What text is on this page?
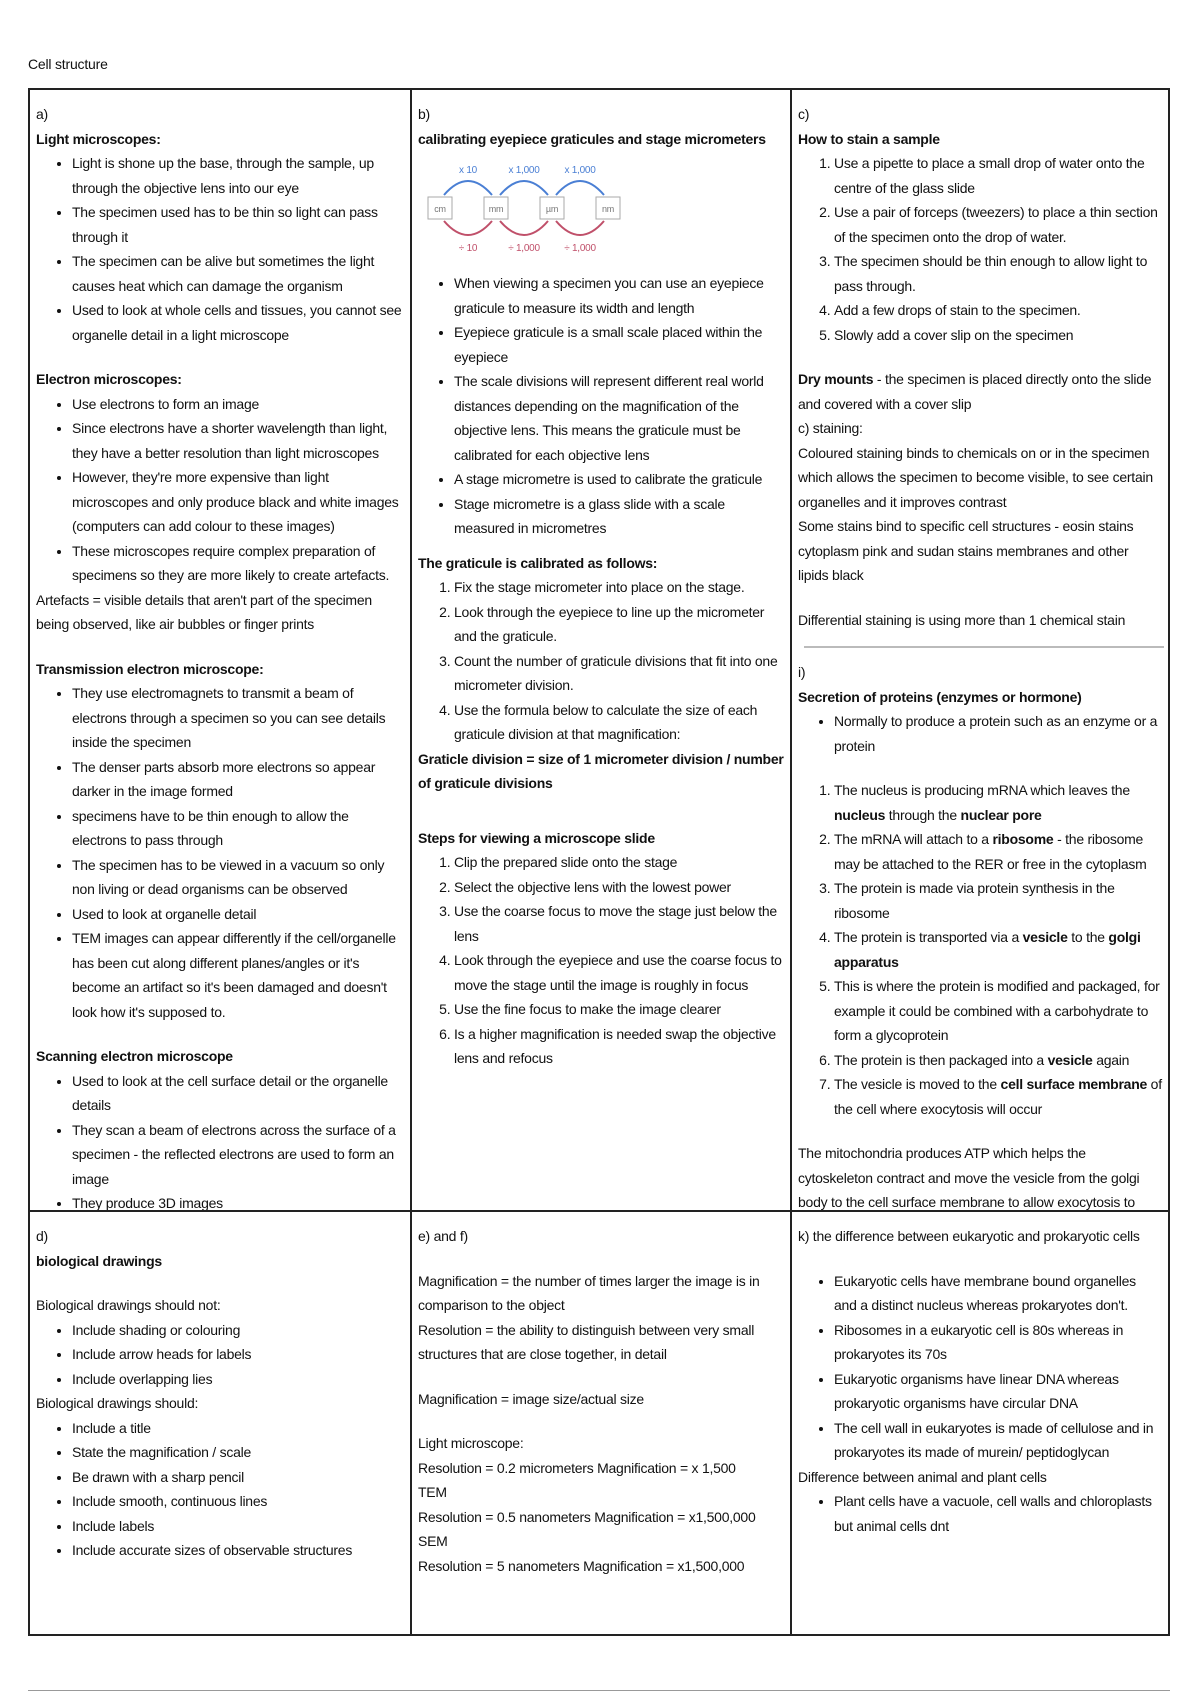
Cell structure

a)

Light microscopes:

• Light is shone up the base, through the sample, up through the objective lens into our eye
• The specimen used has to be thin so light can pass through it
• The specimen can be alive but sometimes the light causes heat which can damage the organism
• Used to look at whole cells and tissues, you cannot see organelle detail in a light microscope

Electron microscopes:

• Use electrons to form an image
• Since electrons have a shorter wavelength than light, they have a better resolution than light microscopes
• However, they're more expensive than light microscopes and only produce black and white images (computers can add colour to these images)
• These microscopes require complex preparation of specimens so they are more likely to create artefacts.

Artefacts = visible details that aren't part of the specimen being observed, like air bubbles or finger prints

Transmission electron microscope:

• They use electromagnets to transmit a beam of electrons through a specimen so you can see details inside the specimen
• The denser parts absorb more electrons so appear darker in the image formed
• specimens have to be thin enough to allow the electrons to pass through
• The specimen has to be viewed in a vacuum so only non living or dead organisms can be observed
• Used to look at organelle detail
• TEM images can appear differently if the cell/organelle has been cut along different planes/angles or it's become an artifact so it's been damaged and doesn't look how it's supposed to.

Scanning electron microscope

• Used to look at the cell surface detail or the organelle details
• They scan a beam of electrons across the surface of a specimen - the reflected electrons are used to form an image
• They produce 3D images

b)

calibrating eyepiece graticules and stage micrometers

cm	mm	µm	nm
x 10
÷ 10
x 1,000
÷ 1,000
x 1,000
÷ 1,000
• When viewing a specimen you can use an eyepiece graticule to measure its width and length
• Eyepiece graticule is a small scale placed within the eyepiece
• The scale divisions will represent different real world distances depending on the magnification of the objective lens. This means the graticule must be calibrated for each objective lens
• A stage micrometre is used to calibrate the graticule
• Stage micrometre is a glass slide with a scale measured in micrometres

The graticule is calibrated as follows:

1. Fix the stage micrometer into place on the stage.
2. Look through the eyepiece to line up the micrometer and the graticule.
3. Count the number of graticule divisions that fit into one micrometer division.
4. Use the formula below to calculate the size of each graticule division at that magnification:

Graticle division = size of 1 micrometer division / number of graticule divisions

Steps for viewing a microscope slide

1. Clip the prepared slide onto the stage
2. Select the objective lens with the lowest power
3. Use the coarse focus to move the stage just below the lens
4. Look through the eyepiece and use the coarse focus to move the stage until the image is roughly in focus
5. Use the fine focus to make the image clearer
6. Is a higher magnification is needed swap the objective lens and refocus

c)

How to stain a sample

1. Use a pipette to place a small drop of water onto the centre of the glass slide
2. Use a pair of forceps (tweezers) to place a thin section of the specimen onto the drop of water.
3. The specimen should be thin enough to allow light to pass through.
4. Add a few drops of stain to the specimen.
5. Slowly add a cover slip on the specimen

Dry mounts - the specimen is placed directly onto the slide and covered with a cover slip

c) staining:

Coloured staining binds to chemicals on or in the specimen which allows the specimen to become visible, to see certain organelles and it improves contrast

Some stains bind to specific cell structures - eosin stains cytoplasm pink and sudan stains membranes and other lipids black

Differential staining is using more than 1 chemical stain

i)

Secretion of proteins (enzymes or hormone)

• Normally to produce a protein such as an enzyme or a protein
1. The nucleus is producing mRNA which leaves the nucleus through the nuclear pore
2. The mRNA will attach to a ribosome - the ribosome may be attached to the RER or free in the cytoplasm
3. The protein is made via protein synthesis in the ribosome
4. The protein is transported via a vesicle to the golgi apparatus
5. This is where the protein is modified and packaged, for example it could be combined with a carbohydrate to form a glycoprotein
6. The protein is then packaged into a vesicle again
7. The vesicle is moved to the cell surface membrane of the cell where exocytosis will occur

The mitochondria produces ATP which helps the cytoskeleton contract and move the vesicle from the golgi body to the cell surface membrane to allow exocytosis to

d)

biological drawings

Biological drawings should not:

• Include shading or colouring
• Include arrow heads for labels
• Include overlapping lies

Biological drawings should:

• Include a title
• State the magnification / scale
• Be drawn with a sharp pencil
• Include smooth, continuous lines
• Include labels
• Include accurate sizes of observable structures

e) and f)

Magnification = the number of times larger the image is in comparison to the object

Resolution = the ability to distinguish between very small structures that are close together, in detail

Magnification = image size/actual size

Light microscope:

Resolution = 0.2 micrometers Magnification = x 1,500

TEM

Resolution = 0.5 nanometers Magnification = x1,500,000

SEM

Resolution = 5 nanometers Magnification = x1,500,000

k) the difference between eukaryotic and prokaryotic cells

• Eukaryotic cells have membrane bound organelles and a distinct nucleus whereas prokaryotes don't.
• Ribosomes in a eukaryotic cell is 80s whereas in prokaryotes its 70s
• Eukaryotic organisms have linear DNA whereas prokaryotic organisms have circular DNA
• The cell wall in eukaryotes is made of cellulose and in prokaryotes its made of murein/ peptidoglycan

Difference between animal and plant cells

• Plant cells have a vacuole, cell walls and chloroplasts but animal cells dnt
